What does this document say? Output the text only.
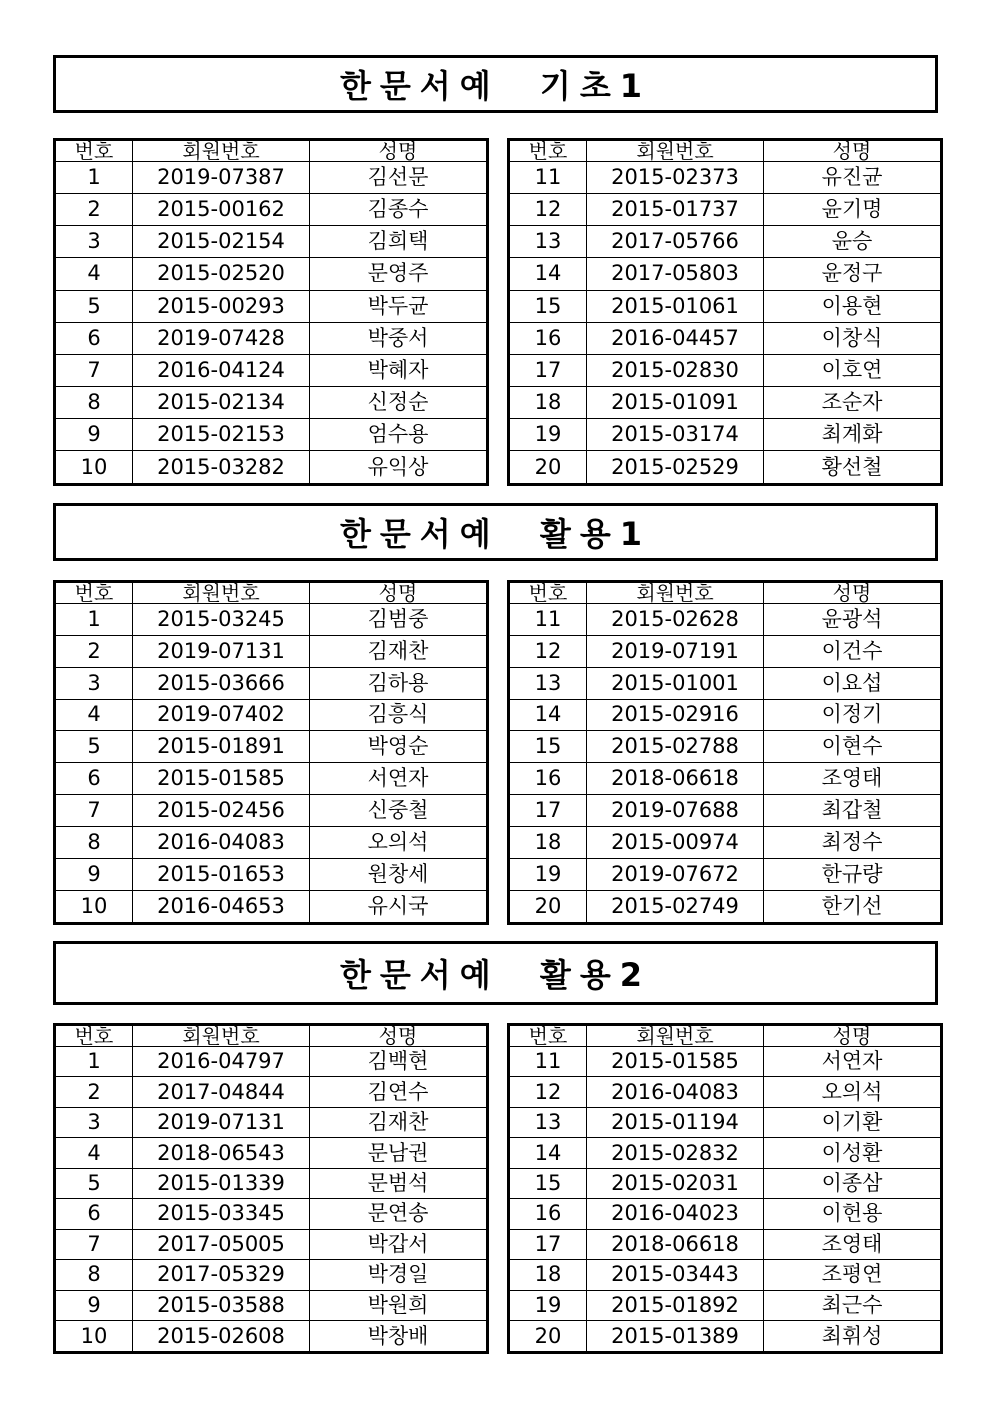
한문서예  기초1
번호	회원번호	성명
1	2019-07387	김선문
2	2015-00162	김종수
3	2015-02154	김희택
4	2015-02520	문영주
5	2015-00293	박두균
6	2019-07428	박중서
7	2016-04124	박혜자
8	2015-02134	신정순
9	2015-02153	엄수용
10	2015-03282	유익상
번호	회원번호	성명
11	2015-02373	유진균
12	2015-01737	윤기명
13	2017-05766	윤승
14	2017-05803	윤정구
15	2015-01061	이용현
16	2016-04457	이창식
17	2015-02830	이호연
18	2015-01091	조순자
19	2015-03174	최계화
20	2015-02529	황선철
한문서예  활용1
번호	회원번호	성명
1	2015-03245	김범중
2	2019-07131	김재찬
3	2015-03666	김하용
4	2019-07402	김흥식
5	2015-01891	박영순
6	2015-01585	서연자
7	2015-02456	신중철
8	2016-04083	오의석
9	2015-01653	원창세
10	2016-04653	유시국
번호	회원번호	성명
11	2015-02628	윤광석
12	2019-07191	이건수
13	2015-01001	이요섭
14	2015-02916	이정기
15	2015-02788	이현수
16	2018-06618	조영태
17	2019-07688	최갑철
18	2015-00974	최정수
19	2019-07672	한규량
20	2015-02749	한기선
한문서예  활용2
번호	회원번호	성명
1	2016-04797	김백현
2	2017-04844	김연수
3	2019-07131	김재찬
4	2018-06543	문남권
5	2015-01339	문범석
6	2015-03345	문연송
7	2017-05005	박갑서
8	2017-05329	박경일
9	2015-03588	박원희
10	2015-02608	박창배
번호	회원번호	성명
11	2015-01585	서연자
12	2016-04083	오의석
13	2015-01194	이기환
14	2015-02832	이성환
15	2015-02031	이종삼
16	2016-04023	이헌용
17	2018-06618	조영태
18	2015-03443	조평연
19	2015-01892	최근수
20	2015-01389	최휘성
